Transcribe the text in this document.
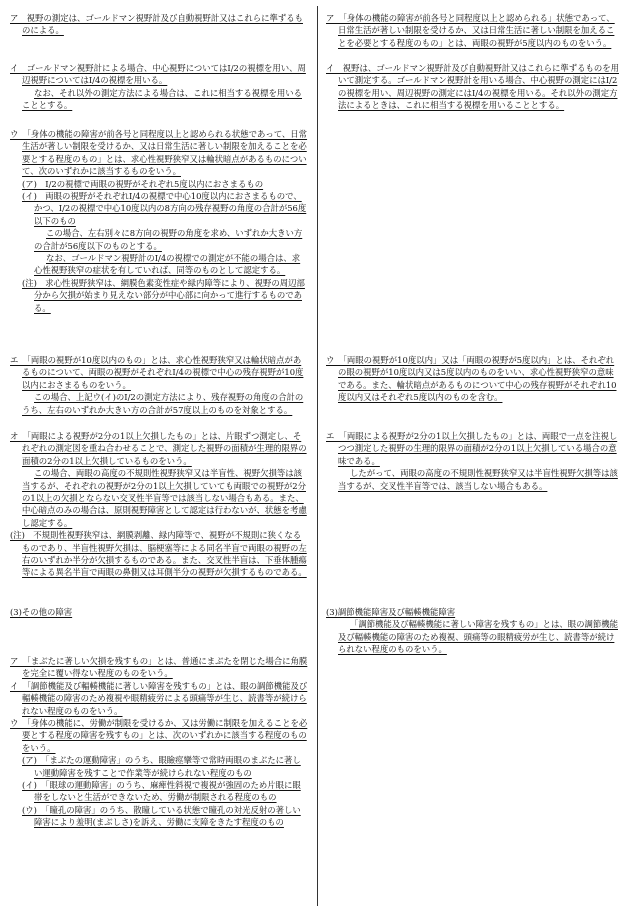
ア　視野の測定は、ゴールドマン視野計及び自動視野計又はこれらに準ずるものによる。

イ　ゴールドマン視野計による場合、中心視野についてはⅠ/2の視標を用い、周辺視野についてはⅠ/4の視標を用いる。

なお、それ以外の測定方法による場合は、これに相当する視標を用いることとする。

ウ　「身体の機能の障害が前各号と同程度以上と認められる状態であって、日常生活が著しい制限を受けるか、又は日常生活に著しい制限を加えることを必要とする程度のもの」とは、求心性視野狭窄又は輪状暗点があるものについて、次のいずれかに該当するものをいう。

(ア)　Ⅰ/2の視標で両眼の視野がそれぞれ5度以内におさまるもの

(イ)　両眼の視野がそれぞれⅠ/4の視標で中心10度以内におさまるもので、かつ、Ⅰ/2の視標で中心10度以内の8方向の残存視野の角度の合計が56度以下のもの

この場合、左右別々に8方向の視野の角度を求め、いずれか大きい方の合計が56度以下のものとする。

なお、ゴールドマン視野計のⅠ/4の視標での測定が不能の場合は、求心性視野狭窄の症状を有していれば、同等のものとして認定する。

(注)　求心性視野狭窄は、網膜色素変性症や緑内障等により、視野の周辺部分から欠損が始まり見えない部分が中心部に向かって進行するものである。

エ　「両眼の視野が10度以内のもの」とは、求心性視野狭窄又は輪状暗点があるものについて、両眼の視野がそれぞれⅠ/4の視標で中心の残存視野が10度以内におさまるものをいう。

この場合、上記ウ(イ)のⅠ/2の測定方法により、残存視野の角度の合計のうち、左右のいずれか大きい方の合計が57度以上のものを対象とする。

オ　「両眼による視野が2分の1以上欠損したもの」とは、片眼ずつ測定し、それぞれの測定図を重ね合わせることで、測定した視野の面積が生理的限界の面積の2分の1以上欠損しているものをいう。

この場合、両眼の高度の不規則性視野狭窄又は半盲性、視野欠損等は該当するが、それぞれの視野が2分の1以上欠損していても両眼での視野が2分の1以上の欠損とならない交叉性半盲等では該当しない場合もある。また、中心暗点のみの場合は、原則視野障害として認定は行わないが、状態を考慮し認定する。

(注)　不規則性視野狭窄は、網膜剥離、緑内障等で、視野が不規則に狭くなるものであり、半盲性視野欠損は、脳梗塞等による同名半盲で両眼の視野の左右のいずれか半分が欠損するものである。また、交叉性半盲は、下垂体腫瘍等による異名半盲で両眼の鼻側又は耳側半分の視野が欠損するものである。

(3)その他の障害

ア　「まぶたに著しい欠損を残すもの」とは、普通にまぶたを閉じた場合に角膜を完全に覆い得ない程度のものをいう。

イ　「調節機能及び輻輳機能に著しい障害を残すもの」とは、眼の調節機能及び輻輳機能の障害のため複視や眼精疲労による頭痛等が生じ、読書等が続けられない程度のものをいう。

ウ　「身体の機能に、労働が制限を受けるか、又は労働に制限を加えることを必要とする程度の障害を残すもの」とは、次のいずれかに該当する程度のものをいう。

(ア)　「まぶたの運動障害」のうち、眼瞼痙攣等で常時両眼のまぶたに著しい運動障害を残すことで作業等が続けられない程度のもの

(イ)　「眼球の運動障害」のうち、麻痺性斜視で複視が強固のため片眼に眼帯をしないと生活ができないため、労働が制限される程度のもの

(ウ)　「瞳孔の障害」のうち、散瞳している状態で瞳孔の対光反射の著しい障害により羞明(まぶしさ)を訴え、労働に支障をきたす程度のもの

ア　「身体の機能の障害が前各号と同程度以上と認められる」状態であって、日常生活が著しい制限を受けるか、又は日常生活に著しい制限を加えることを必要とする程度のもの」とは、両眼の視野が5度以内のものをいう。

イ　視野は、ゴールドマン視野計及び自動視野計又はこれらに準ずるものを用いて測定する。ゴールドマン視野計を用いる場合、中心視野の測定にはⅠ/2の視標を用い、周辺視野の測定にはⅠ/4の視標を用いる。それ以外の測定方法によるときは、これに相当する視標を用いることとする。

ウ　「両眼の視野が10度以内」又は「両眼の視野が5度以内」とは、それぞれの眼の視野が10度以内又は5度以内のものをいい、求心性視野狭窄の意味である。また、輪状暗点があるものについて中心の残存視野がそれぞれ10度以内又はそれぞれ5度以内のものを含む。

エ　「両眼による視野が2分の1以上欠損したもの」とは、両眼で一点を注視しつつ測定した視野の生理的限界の面積が2分の1以上欠損している場合の意味である。

したがって、両眼の高度の不規則性視野狭窄又は半盲性視野欠損等は該当するが、交叉性半盲等では、該当しない場合もある。

(3)調節機能障害及び輻輳機能障害

「調節機能及び輻輳機能に著しい障害を残すもの」とは、眼の調節機能及び輻輳機能の障害のため複視、頭痛等の眼精疲労が生じ、読書等が続けられない程度のものをいう。
